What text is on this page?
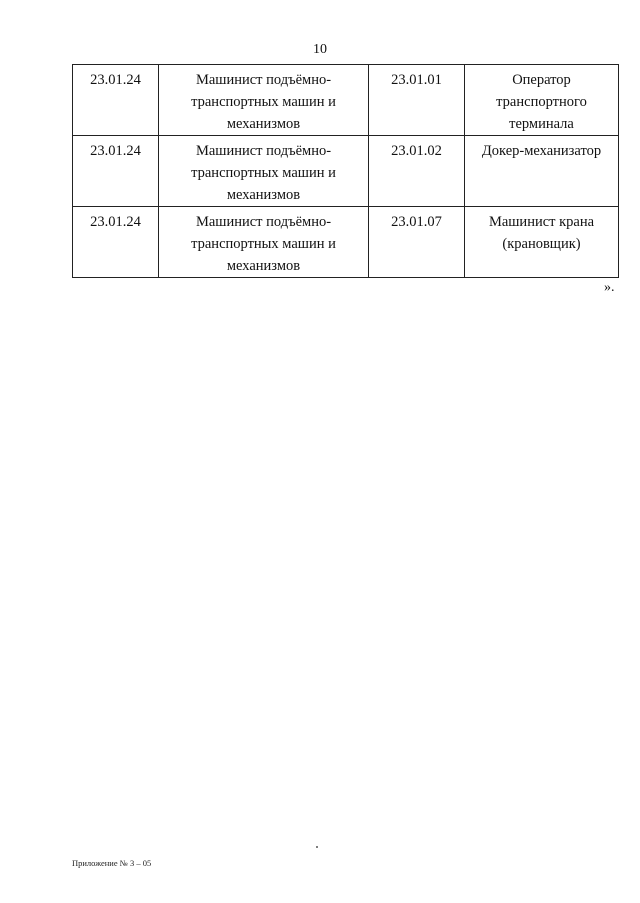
10
23.01.24	Машинист подъёмно-транспортных машин и механизмов	23.01.01	Оператор транспортного терминала
23.01.24	Машинист подъёмно-транспортных машин и механизмов	23.01.02	Докер-механизатор
23.01.24	Машинист подъёмно-транспортных машин и механизмов	23.01.07	Машинист крана (крановщик)
».
Приложение № 3 – 05
